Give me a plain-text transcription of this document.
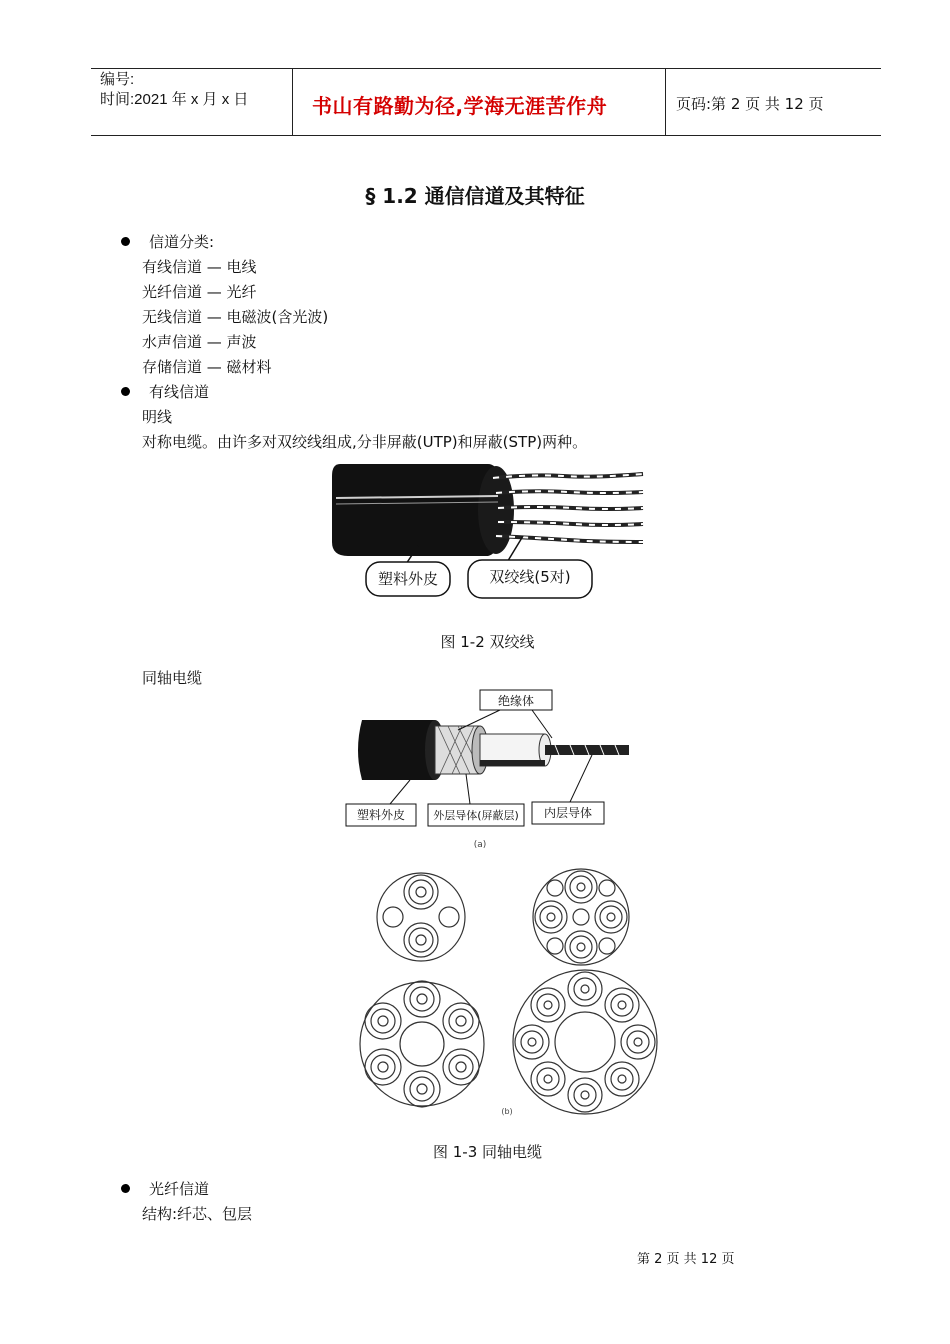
编号:
时间:2021 年 x 月 x 日	书山有路勤为径,学海无涯苦作舟	页码:第 2 页 共 12 页
§ 1.2 通信信道及其特征
信道分类:
有线信道 — 电线
光纤信道 — 光纤
无线信道 — 电磁波(含光波)
水声信道 — 声波
存储信道 — 磁材料
有线信道
明线
对称电缆。由许多对双绞线组成,分非屏蔽(UTP)和屏蔽(STP)两种。
塑料外皮	双绞线(5对)
图 1-2 双绞线
同轴电缆
绝缘体
塑料外皮	外层导体(屏蔽层) 内层导体
(a)
(b)
图 1-3 同轴电缆
光纤信道
结构:纤芯、包层
第 2 页 共 12 页
